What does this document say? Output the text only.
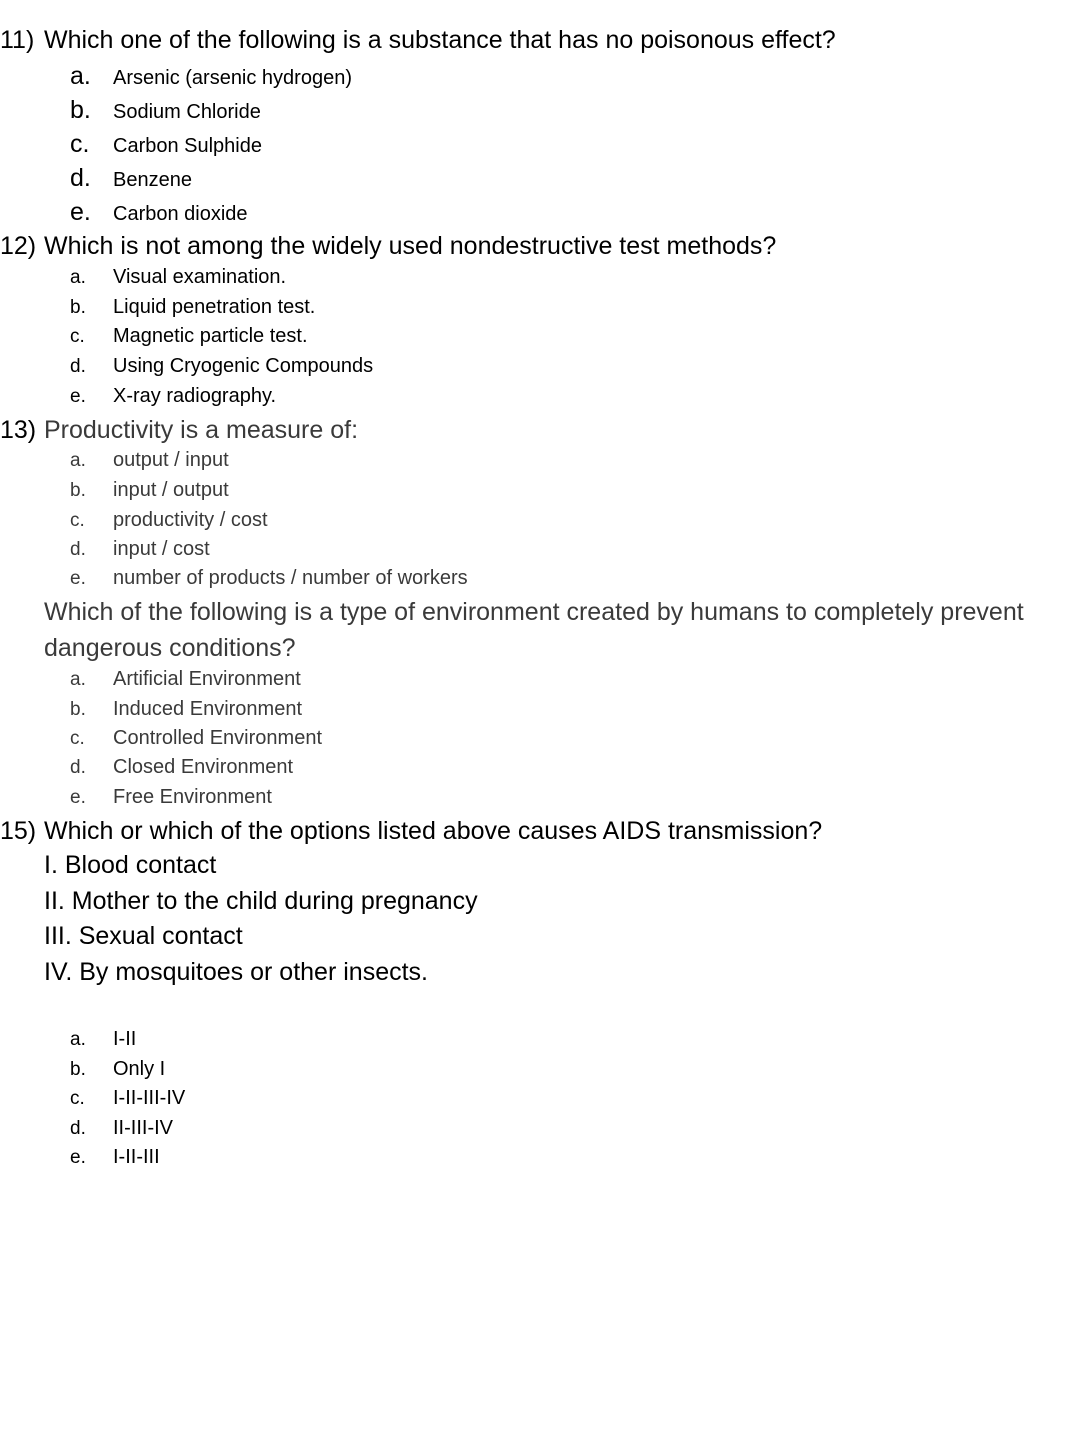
11) Which one of the following is a substance that has no poisonous effect?
a. Arsenic (arsenic hydrogen)
b. Sodium Chloride
c. Carbon Sulphide
d. Benzene
e. Carbon dioxide
12) Which is not among the widely used nondestructive test methods?
a. Visual examination.
b. Liquid penetration test.
c. Magnetic particle test.
d. Using Cryogenic Compounds
e. X-ray radiography.
13) Productivity is a measure of:
a. output / input
b. input / output
c. productivity / cost
d. input / cost
e. number of products / number of workers
Which of the following is a type of environment created by humans to completely prevent dangerous conditions?
a. Artificial Environment
b. Induced Environment
c. Controlled Environment
d. Closed Environment
e. Free Environment
15) Which or which of the options listed above causes AIDS transmission?
I. Blood contact
II. Mother to the child during pregnancy
III. Sexual contact
IV. By mosquitoes or other insects.
a. I-II
b. Only I
c. I-II-III-IV
d. II-III-IV
e. I-II-III
